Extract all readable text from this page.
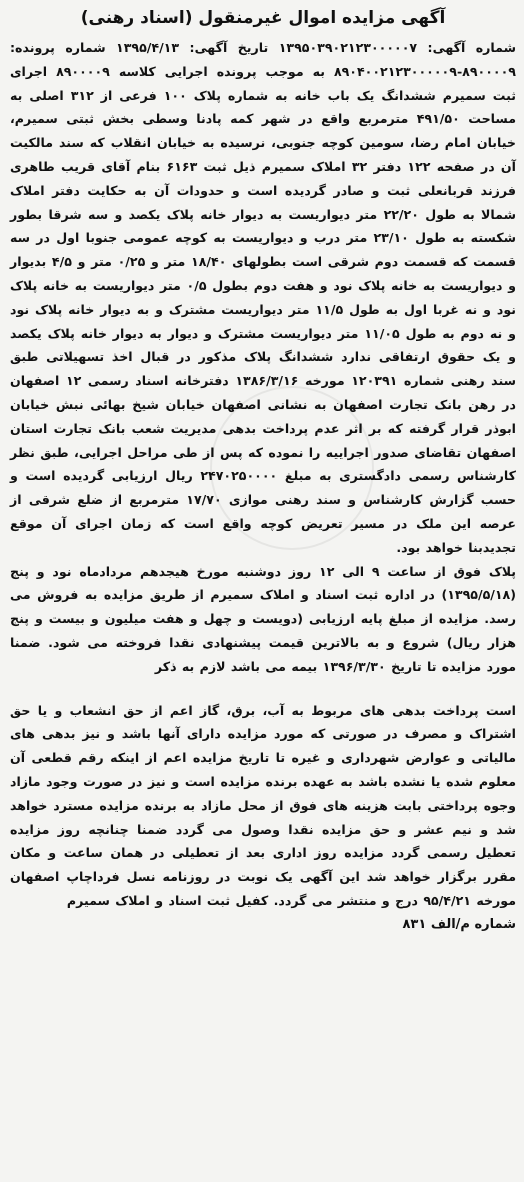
آگهی مزایده اموال غیرمنقول (اسناد رهنی)

شماره آگهی: ۱۳۹۵۰۳۹۰۲۱۲۳۰۰۰۰۰۷ تاریخ آگهی: ۱۳۹۵/۴/۱۳ شماره پرونده: ۸۹۰۰۰۰۹-۸۹۰۴۰۰۲۱۲۳۰۰۰۰۰۹ به موجب پرونده اجرایی کلاسه ۸۹۰۰۰۰۹ اجرای ثبت سمیرم ششدانگ یک باب خانه به شماره پلاک ۱۰۰ فرعی از ۳۱۲ اصلی به مساحت ۴۹۱/۵۰ مترمربع واقع در شهر کمه پادنا وسطی بخش ثبتی سمیرم، خیابان امام رضا، سومین کوچه جنوبی، نرسیده به خیابان انقلاب که سند مالکیت آن در صفحه ۱۲۲ دفتر ۳۲ املاک سمیرم ذیل ثبت ۶۱۶۳ بنام آقای قریب طاهری فرزند قربانعلی ثبت و صادر گردیده است و حدودات آن به حکایت دفتر املاک شمالا به طول ۲۲/۲۰ متر دیواریست به دیوار خانه پلاک یکصد و سه شرقا بطور شکسته به طول ۲۳/۱۰ متر درب و دیواریست به کوچه عمومی جنوبا اول در سه قسمت که قسمت دوم شرقی است بطولهای ۱۸/۴۰ متر و ۰/۲۵ متر و ۴/۵ بدیوار و دیواریست به خانه پلاک نود و هفت دوم بطول ۰/۵ متر دیواریست به خانه پلاک نود و نه غربا اول به طول ۱۱/۵ متر دیواریست مشترک و به دیوار خانه پلاک نود و نه دوم به طول ۱۱/۰۵ متر دیواریست مشترک و دیوار به دیوار خانه پلاک یکصد و یک حقوق ارتفاقی ندارد ششدانگ پلاک مذکور در قبال اخذ تسهیلاتی طبق سند رهنی شماره ۱۲۰۳۹۱ مورخه ۱۳۸۶/۳/۱۶ دفترخانه اسناد رسمی ۱۲ اصفهان در رهن بانک تجارت اصفهان به نشانی اصفهان خیابان شیخ بهائی نبش خیابان ابوذر قرار گرفته که بر اثر عدم پرداخت بدهی مدیریت شعب بانک تجارت استان اصفهان تقاضای صدور اجراییه را نموده که پس از طی مراحل اجرایی، طبق نظر کارشناس رسمی دادگستری به مبلغ ۲۴۷۰۲۵۰۰۰۰ ریال ارزیابی گردیده است و حسب گزارش کارشناس و سند رهنی موازی ۱۷/۷۰ مترمربع از ضلع شرقی از عرصه این ملک در مسیر تعریض کوچه واقع است که زمان اجرای آن موقع تجدیدبنا خواهد بود.

پلاک فوق از ساعت ۹ الی ۱۲ روز دوشنبه مورخ هیجدهم مردادماه نود و پنج (۱۳۹۵/۵/۱۸) در اداره ثبت اسناد و املاک سمیرم از طریق مزایده به فروش می رسد. مزایده از مبلغ پایه ارزیابی (دویست و چهل و هفت میلیون و بیست و پنج هزار ریال) شروع و به بالاترین قیمت پیشنهادی نقدا فروخته می شود. ضمنا مورد مزایده تا تاریخ ۱۳۹۶/۳/۳۰ بیمه می باشد لازم به ذکر

است پرداخت بدهی های مربوط به آب، برق، گاز اعم از حق انشعاب و یا حق اشتراک و مصرف در صورتی که مورد مزایده دارای آنها باشد و نیز بدهی های مالیاتی و عوارض شهرداری و غیره تا تاریخ مزایده اعم از اینکه رقم قطعی آن معلوم شده یا نشده باشد به عهده برنده مزایده است و نیز در صورت وجود مازاد وجوه پرداختی بابت هزینه های فوق از محل مازاد به برنده مزایده مسترد خواهد شد و نیم عشر و حق مزایده نقدا وصول می گردد ضمنا چنانچه روز مزایده تعطیل رسمی گردد مزایده روز اداری بعد از تعطیلی در همان ساعت و مکان مقرر برگزار خواهد شد این آگهی یک نوبت در روزنامه نسل فرداچاپ اصفهان مورخه ۹۵/۴/۲۱ درج و منتشر می گردد. کفیل ثبت اسناد و املاک سمیرم

شماره م/الف ۸۳۱
